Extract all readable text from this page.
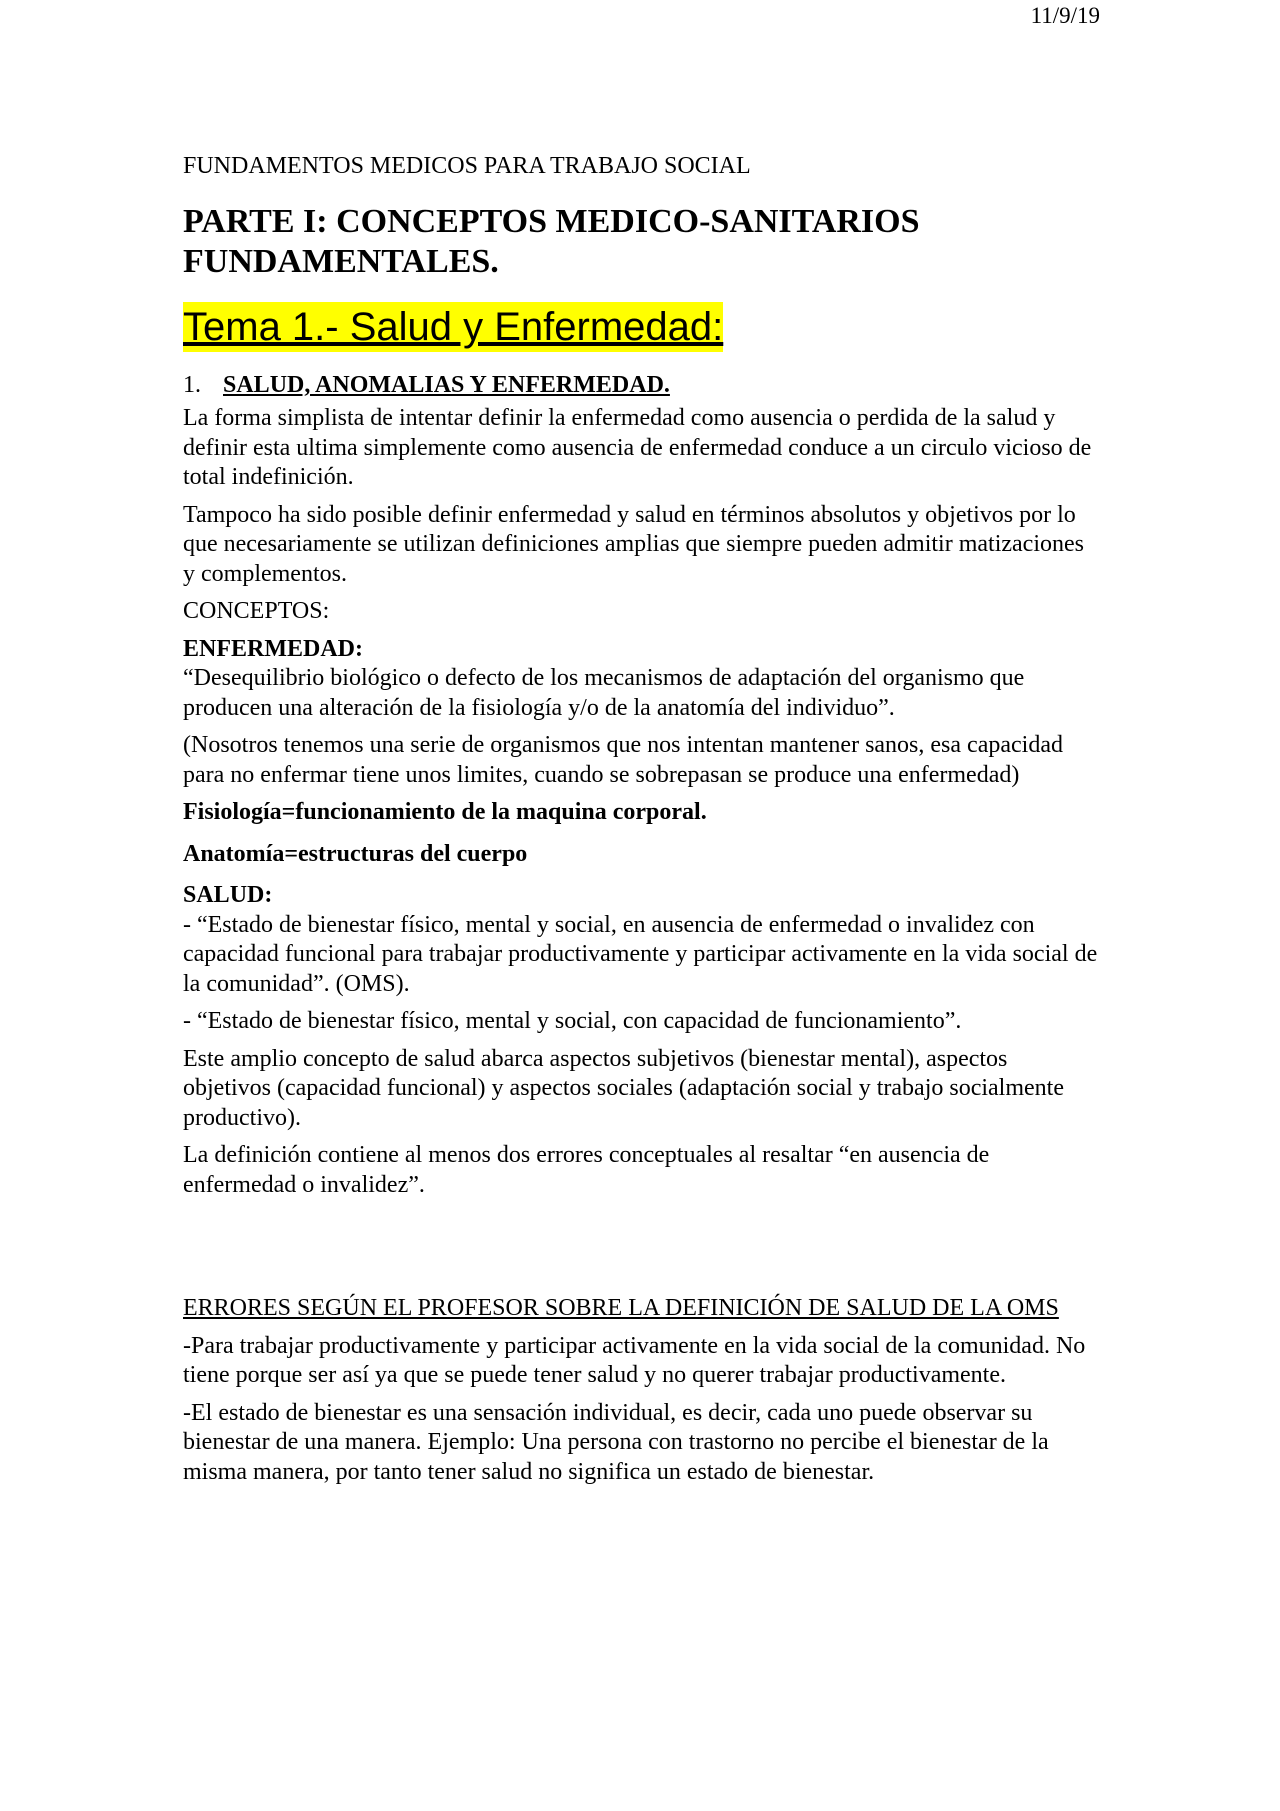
11/9/19
FUNDAMENTOS MEDICOS PARA TRABAJO SOCIAL
PARTE I: CONCEPTOS MEDICO-SANITARIOS FUNDAMENTALES.
Tema 1.- Salud y Enfermedad:
1. SALUD, ANOMALIAS Y ENFERMEDAD.

La forma simplista de intentar definir la enfermedad como ausencia o perdida de la salud y definir esta ultima simplemente como ausencia de enfermedad conduce a un circulo vicioso de total indefinición.

Tampoco ha sido posible definir enfermedad y salud en términos absolutos y objetivos por lo que necesariamente se utilizan definiciones amplias que siempre pueden admitir matizaciones y complementos.

CONCEPTOS:

ENFERMEDAD:

“Desequilibrio biológico o defecto de los mecanismos de adaptación del organismo que producen una alteración de la fisiología y/o de la anatomía del individuo”.

(Nosotros tenemos una serie de organismos que nos intentan mantener sanos, esa capacidad para no enfermar tiene unos limites, cuando se sobrepasan se produce una enfermedad)

Fisiología=funcionamiento de la maquina corporal.

Anatomía=estructuras del cuerpo

SALUD:

- “Estado de bienestar físico, mental y social, en ausencia de enfermedad o invalidez con capacidad funcional para trabajar productivamente y participar activamente en la vida social de la comunidad”. (OMS).

- “Estado de bienestar físico, mental y social, con capacidad de funcionamiento”.

Este amplio concepto de salud abarca aspectos subjetivos (bienestar mental), aspectos objetivos (capacidad funcional) y aspectos sociales (adaptación social y trabajo socialmente productivo).

La definición contiene al menos dos errores conceptuales al resaltar “en ausencia de enfermedad o invalidez”.

ERRORES SEGÚN EL PROFESOR SOBRE LA DEFINICIÓN DE SALUD DE LA OMS

-Para trabajar productivamente y participar activamente en la vida social de la comunidad. No tiene porque ser así ya que se puede tener salud y no querer trabajar productivamente.

-El estado de bienestar es una sensación individual, es decir, cada uno puede observar su bienestar de una manera. Ejemplo: Una persona con trastorno no percibe el bienestar de la misma manera, por tanto tener salud no significa un estado de bienestar.
